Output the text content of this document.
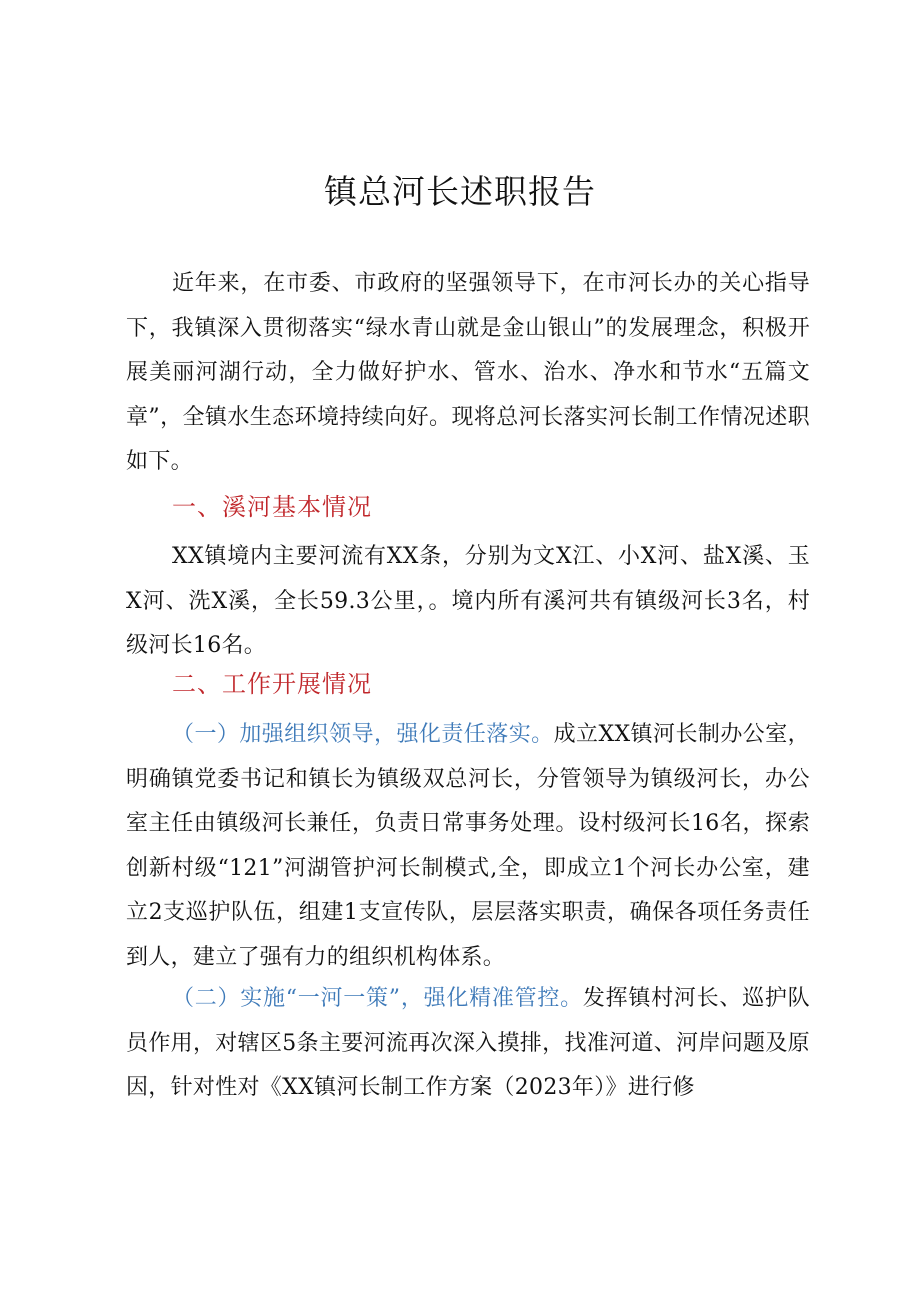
镇总河长述职报告

近年来，在市委、市政府的坚强领导下，在市河长办的关心指导下，我镇深入贯彻落实“绿水青山就是金山银山”的发展理念，积极开展美丽河湖行动，全力做好护水、管水、治水、净水和节水“五篇文章”，全镇水生态环境持续向好。现将总河长落实河长制工作情况述职如下。

一、溪河基本情况

XX镇境内主要河流有XX条，分别为文X江、小X河、盐X溪、玉X河、洗X溪，全长59.3公里，。境内所有溪河共有镇级河长3名，村级河长16名。

二、工作开展情况

（一）加强组织领导，强化责任落实。成立XX镇河长制办公室，明确镇党委书记和镇长为镇级双总河长，分管领导为镇级河长，办公室主任由镇级河长兼任，负责日常事务处理。设村级河长16名，探索创新村级“121”河湖管护河长制模式,全，即成立1个河长办公室，建立2支巡护队伍，组建1支宣传队，层层落实职责，确保各项任务责任到人，建立了强有力的组织机构体系。

（二）实施“一河一策”，强化精准管控。发挥镇村河长、巡护队员作用，对辖区5条主要河流再次深入摸排，找准河道、河岸问题及原因，针对性对《XX镇河长制工作方案（2023年）》进行修
